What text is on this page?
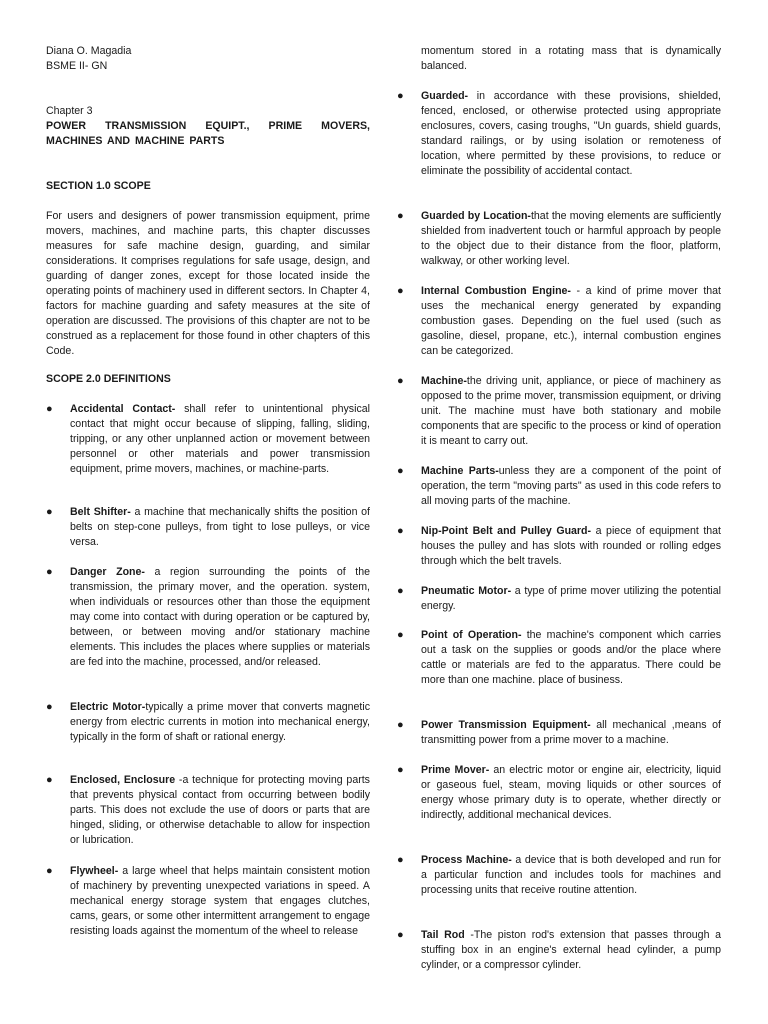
Diana O. Magadia
BSME II- GN
Chapter 3
POWER TRANSMISSION EQUIPT., PRIME MOVERS, MACHINES AND MACHINE PARTS
SECTION 1.0 SCOPE
For users and designers of power transmission equipment, prime movers, machines, and machine parts, this chapter discusses measures for safe machine design, guarding, and similar considerations. It comprises regulations for safe usage, design, and guarding of danger zones, except for those located inside the operating points of machinery used in different sectors. In Chapter 4, factors for machine guarding and safety measures at the site of operation are discussed. The provisions of this chapter are not to be construed as a replacement for those found in other chapters of this Code.
SCOPE 2.0 DEFINITIONS
● Accidental Contact- shall refer to unintentional physical contact that might occur because of slipping, falling, sliding, tripping, or any other unplanned action or movement between personnel or other materials and power transmission equipment, prime movers, machines, or machine-parts.
● Belt Shifter- a machine that mechanically shifts the position of belts on step-cone pulleys, from tight to lose pulleys, or vice versa.
● Danger Zone- a region surrounding the points of the transmission, the primary mover, and the operation. system, when individuals or resources other than those the equipment may come into contact with during operation or be captured by, between, or between moving and/or stationary machine elements. This includes the places where supplies or materials are fed into the machine, processed, and/or released.
● Electric Motor-typically a prime mover that converts magnetic energy from electric currents in motion into mechanical energy, typically in the form of shaft or rational energy.
● Enclosed, Enclosure -a technique for protecting moving parts that prevents physical contact from occurring between bodily parts. This does not exclude the use of doors or parts that are hinged, sliding, or otherwise detachable to allow for inspection or lubrication.
● Flywheel- a large wheel that helps maintain consistent motion of machinery by preventing unexpected variations in speed. A mechanical energy storage system that engages clutches, cams, gears, or some other intermittent arrangement to engage resisting loads against the momentum of the wheel to release
momentum stored in a rotating mass that is dynamically balanced.
● Guarded- in accordance with these provisions, shielded, fenced, enclosed, or otherwise protected using appropriate enclosures, covers, casing troughs, "Un guards, shield guards, standard railings, or by using isolation or remoteness of location, where permitted by these provisions, to reduce or eliminate the possibility of accidental contact.
● Guarded by Location-that the moving elements are sufficiently shielded from inadvertent touch or harmful approach by people to the object due to their distance from the floor, platform, walkway, or other working level.
● Internal Combustion Engine- - a kind of prime mover that uses the mechanical energy generated by expanding combustion gases. Depending on the fuel used (such as gasoline, diesel, propane, etc.), internal combustion engines can be categorized.
● Machine-the driving unit, appliance, or piece of machinery as opposed to the prime mover, transmission equipment, or driving unit. The machine must have both stationary and mobile components that are specific to the process or kind of operation it is meant to carry out.
● Machine Parts-unless they are a component of the point of operation, the term "moving parts" as used in this code refers to all moving parts of the machine.
● Nip-Point Belt and Pulley Guard- a piece of equipment that houses the pulley and has slots with rounded or rolling edges through which the belt travels.
● Pneumatic Motor- a type of prime mover utilizing the potential energy.
● Point of Operation- the machine's component which carries out a task on the supplies or goods and/or the place where cattle or materials are fed to the apparatus. There could be more than one machine. place of business.
● Power Transmission Equipment- all mechanical ,means of transmitting power from a prime mover to a machine.
● Prime Mover- an electric motor or engine air, electricity, liquid or gaseous fuel, steam, moving liquids or other sources of energy whose primary duty is to operate, whether directly or indirectly, additional mechanical devices.
● Process Machine- a device that is both developed and run for a particular function and includes tools for machines and processing units that receive routine attention.
● Tail Rod -The piston rod's extension that passes through a stuffing box in an engine's external head cylinder, a pump cylinder, or a compressor cylinder.
